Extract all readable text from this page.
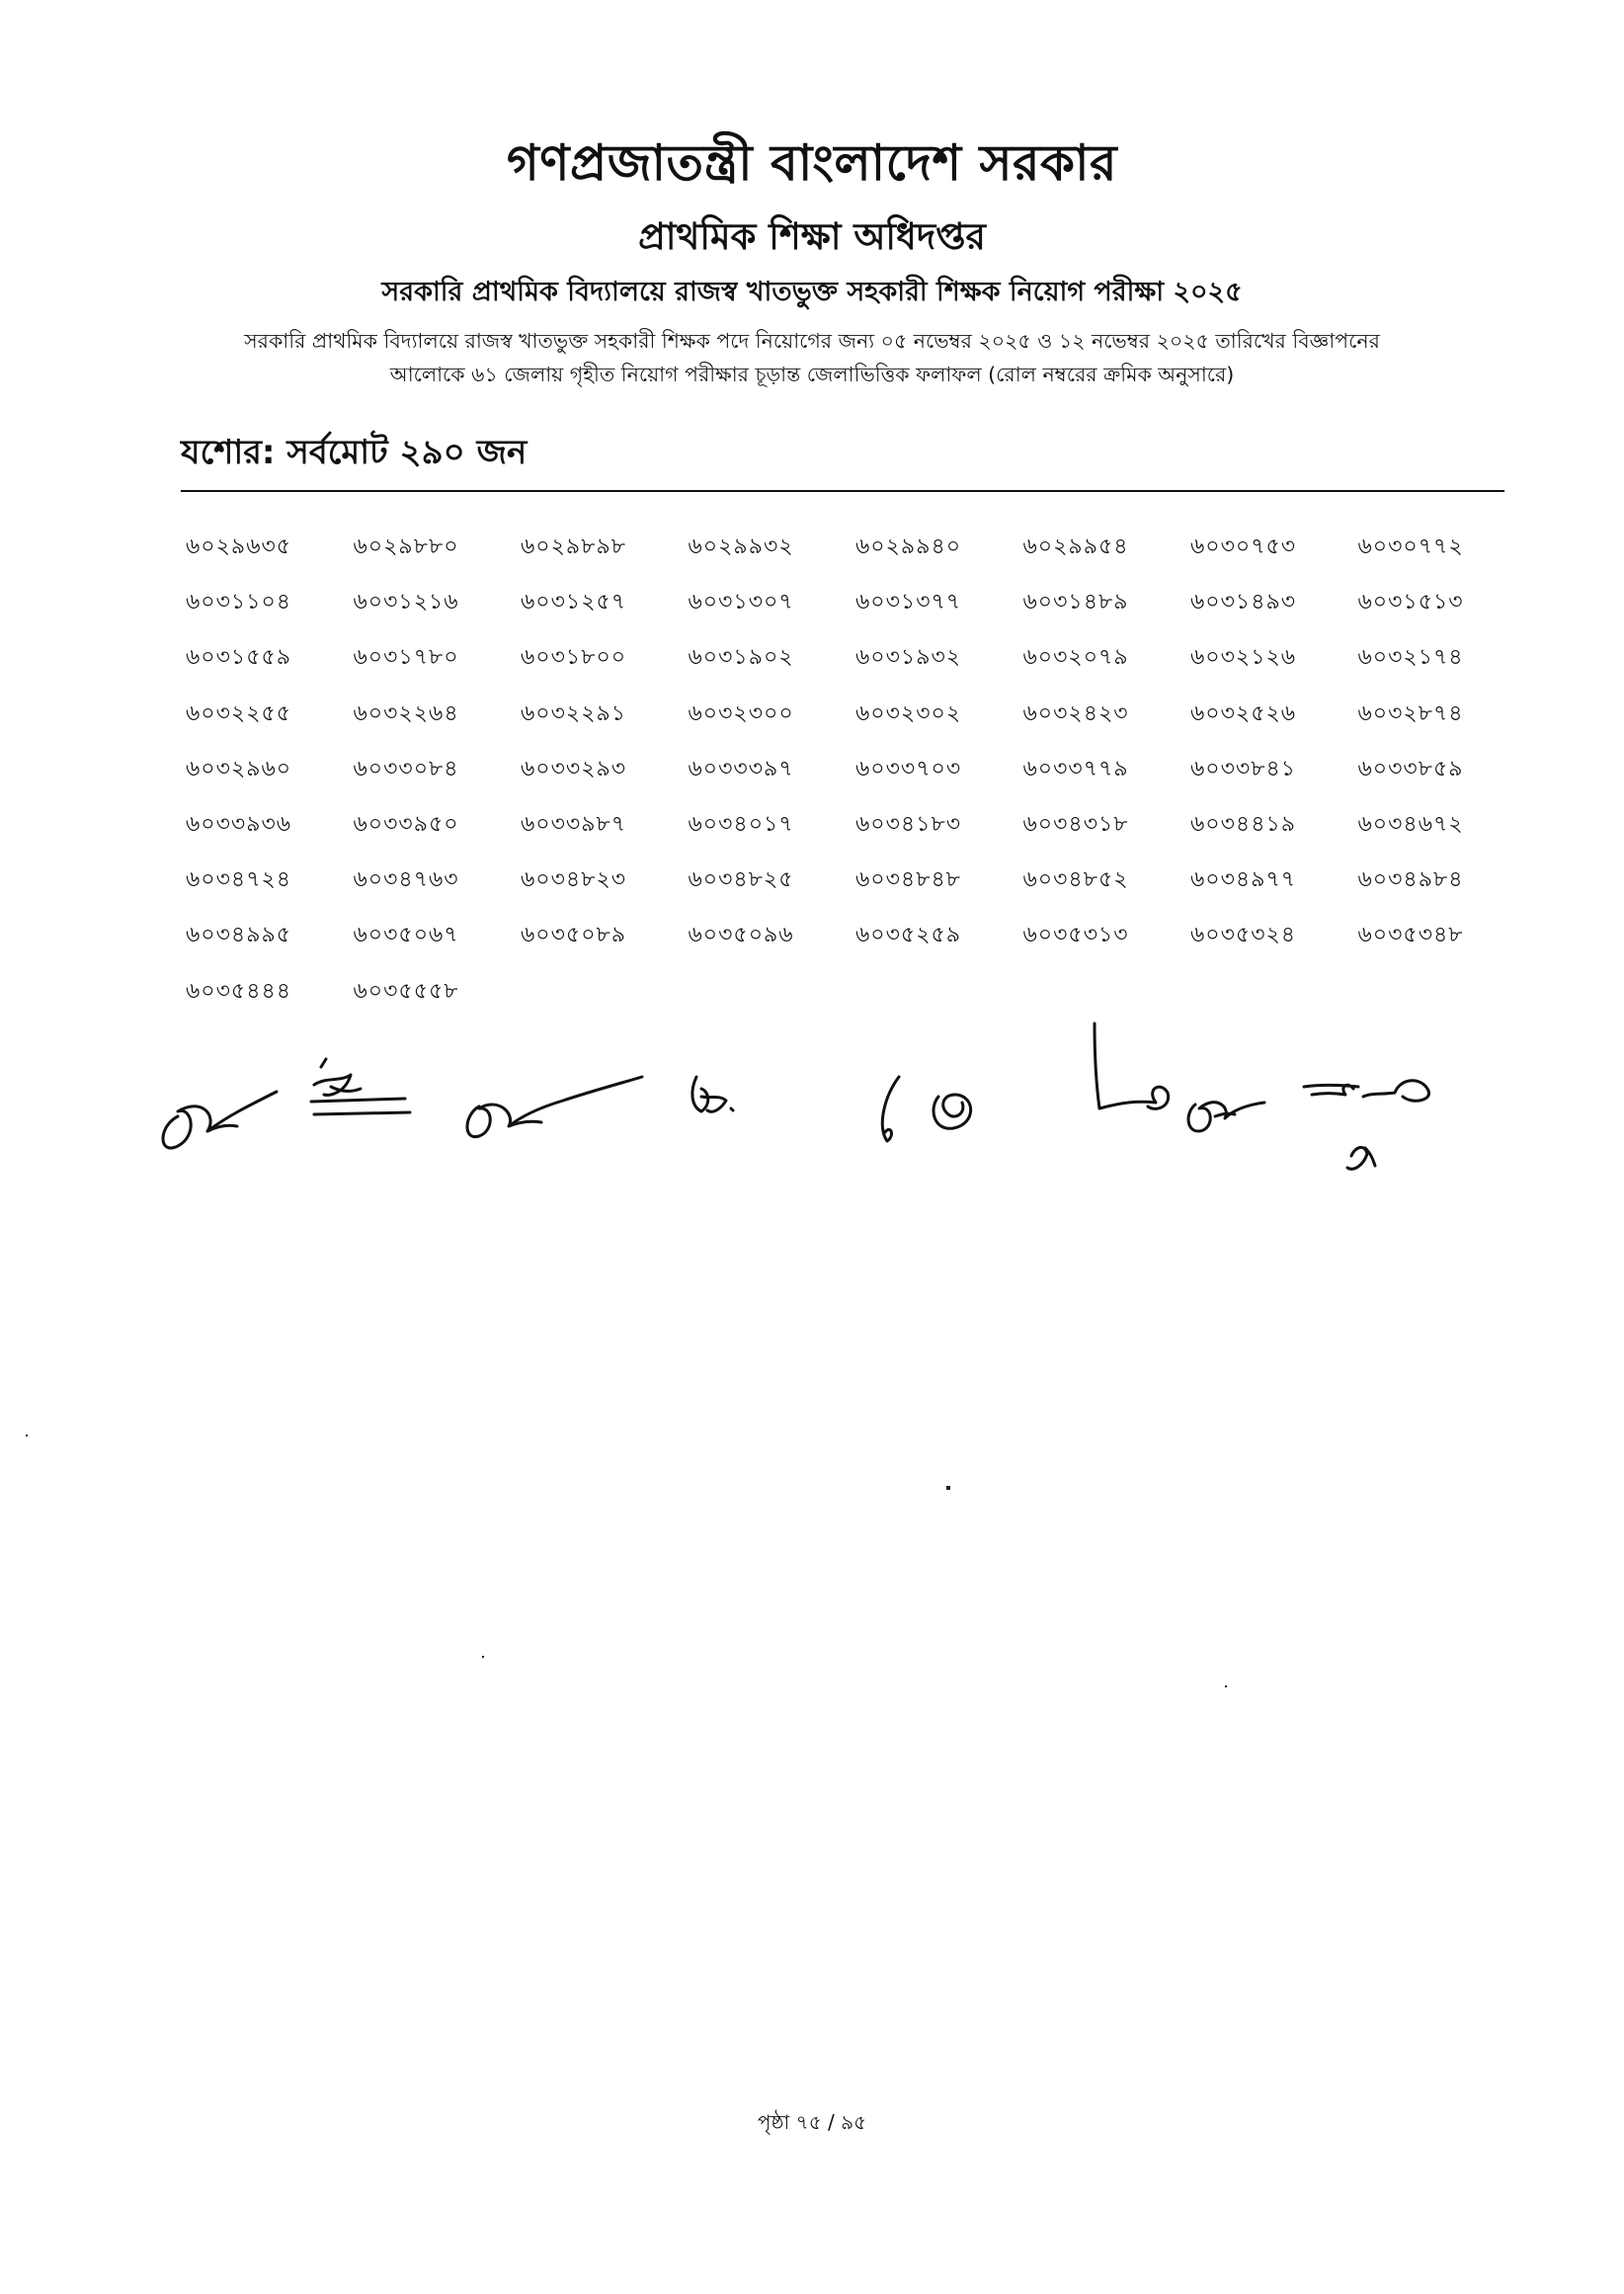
গণপ্রজাতন্ত্রী বাংলাদেশ সরকার
প্রাথমিক শিক্ষা অধিদপ্তর
সরকারি প্রাথমিক বিদ্যালয়ে রাজস্ব খাতভুক্ত সহকারী শিক্ষক নিয়োগ পরীক্ষা ২০২৫
সরকারি প্রাথমিক বিদ্যালয়ে রাজস্ব খাতভুক্ত সহকারী শিক্ষক পদে নিয়োগের জন্য ০৫ নভেম্বর ২০২৫ ও ১২ নভেম্বর ২০২৫ তারিখের বিজ্ঞাপনের
আলোকে ৬১ জেলায় গৃহীত নিয়োগ পরীক্ষার চূড়ান্ত জেলাভিত্তিক ফলাফল (রোল নম্বরের ক্রমিক অনুসারে)
যশোর: সর্বমোট ২৯০ জন
৬০২৯৬৩৫	৬০২৯৮৮০	৬০২৯৮৯৮	৬০২৯৯৩২	৬০২৯৯৪০	৬০২৯৯৫৪	৬০৩০৭৫৩	৬০৩০৭৭২
৬০৩১১০৪	৬০৩১২১৬	৬০৩১২৫৭	৬০৩১৩০৭	৬০৩১৩৭৭	৬০৩১৪৮৯	৬০৩১৪৯৩	৬০৩১৫১৩
৬০৩১৫৫৯	৬০৩১৭৮০	৬০৩১৮০০	৬০৩১৯০২	৬০৩১৯৩২	৬০৩২০৭৯	৬০৩২১২৬	৬০৩২১৭৪
৬০৩২২৫৫	৬০৩২২৬৪	৬০৩২২৯১	৬০৩২৩০০	৬০৩২৩০২	৬০৩২৪২৩	৬০৩২৫২৬	৬০৩২৮৭৪
৬০৩২৯৬০	৬০৩৩০৮৪	৬০৩৩২৯৩	৬০৩৩৩৯৭	৬০৩৩৭০৩	৬০৩৩৭৭৯	৬০৩৩৮৪১	৬০৩৩৮৫৯
৬০৩৩৯৩৬	৬০৩৩৯৫০	৬০৩৩৯৮৭	৬০৩৪০১৭	৬০৩৪১৮৩	৬০৩৪৩১৮	৬০৩৪৪১৯	৬০৩৪৬৭২
৬০৩৪৭২৪	৬০৩৪৭৬৩	৬০৩৪৮২৩	৬০৩৪৮২৫	৬০৩৪৮৪৮	৬০৩৪৮৫২	৬০৩৪৯৭৭	৬০৩৪৯৮৪
৬০৩৪৯৯৫	৬০৩৫০৬৭	৬০৩৫০৮৯	৬০৩৫০৯৬	৬০৩৫২৫৯	৬০৩৫৩১৩	৬০৩৫৩২৪	৬০৩৫৩৪৮
৬০৩৫৪৪৪	৬০৩৫৫৫৮
পৃষ্ঠা ৭৫ / ৯৫
